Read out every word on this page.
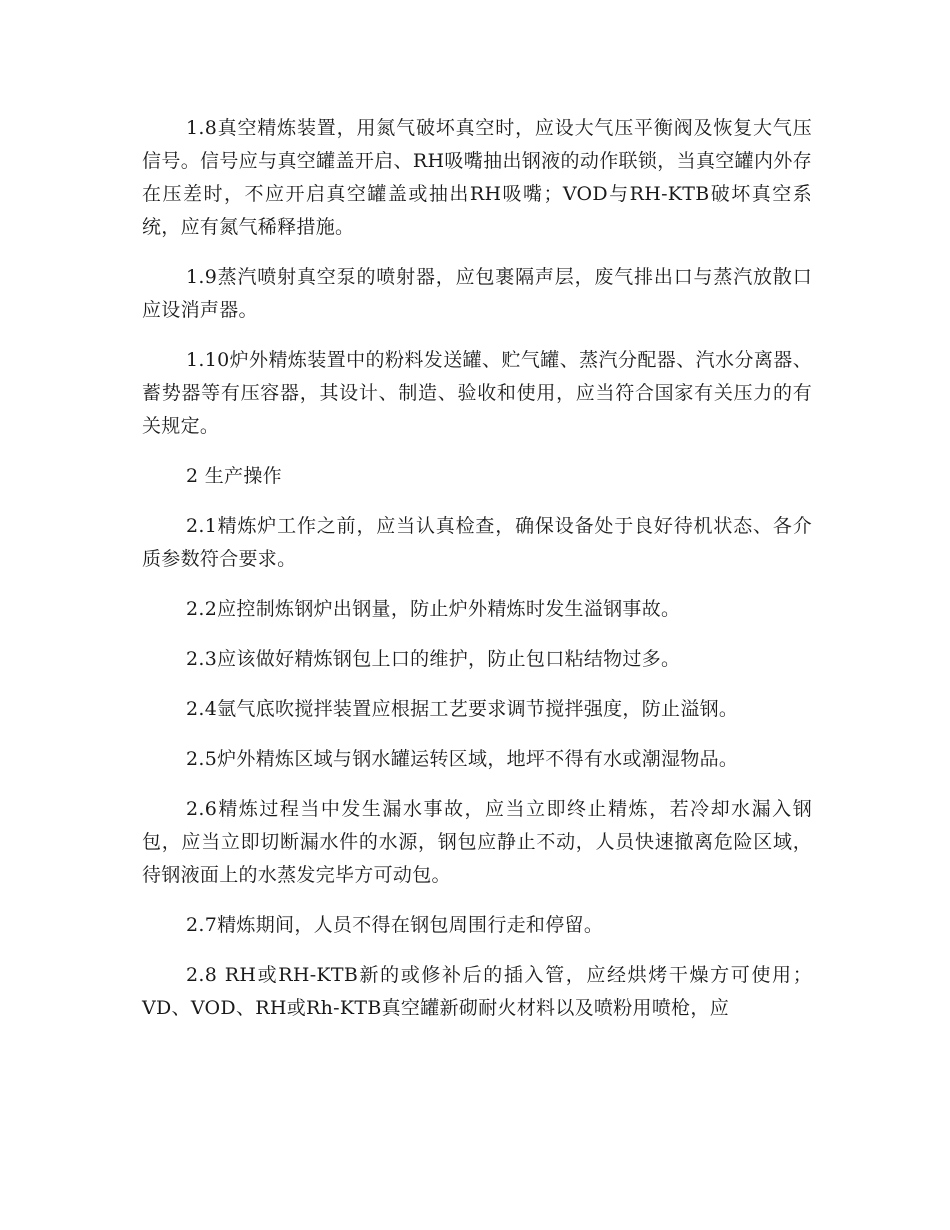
1.8真空精炼装置，用氮气破坏真空时，应设大气压平衡阀及恢复大气压信号。信号应与真空罐盖开启、RH吸嘴抽出钢液的动作联锁，当真空罐内外存在压差时，不应开启真空罐盖或抽出RH吸嘴；VOD与RH-KTB破坏真空系统，应有氮气稀释措施。

1.9蒸汽喷射真空泵的喷射器，应包裹隔声层，废气排出口与蒸汽放散口应设消声器。

1.10炉外精炼装置中的粉料发送罐、贮气罐、蒸汽分配器、汽水分离器、蓄势器等有压容器，其设计、制造、验收和使用，应当符合国家有关压力的有关规定。

2 生产操作

2.1精炼炉工作之前，应当认真检查，确保设备处于良好待机状态、各介质参数符合要求。

2.2应控制炼钢炉出钢量，防止炉外精炼时发生溢钢事故。

2.3应该做好精炼钢包上口的维护，防止包口粘结物过多。

2.4氩气底吹搅拌装置应根据工艺要求调节搅拌强度，防止溢钢。

2.5炉外精炼区域与钢水罐运转区域，地坪不得有水或潮湿物品。

2.6精炼过程当中发生漏水事故，应当立即终止精炼，若冷却水漏入钢包，应当立即切断漏水件的水源，钢包应静止不动，人员快速撤离危险区域，待钢液面上的水蒸发完毕方可动包。

2.7精炼期间，人员不得在钢包周围行走和停留。

2.8 RH或RH-KTB新的或修补后的插入管，应经烘烤干燥方可使用；VD、VOD、RH或Rh-KTB真空罐新砌耐火材料以及喷粉用喷枪，应
